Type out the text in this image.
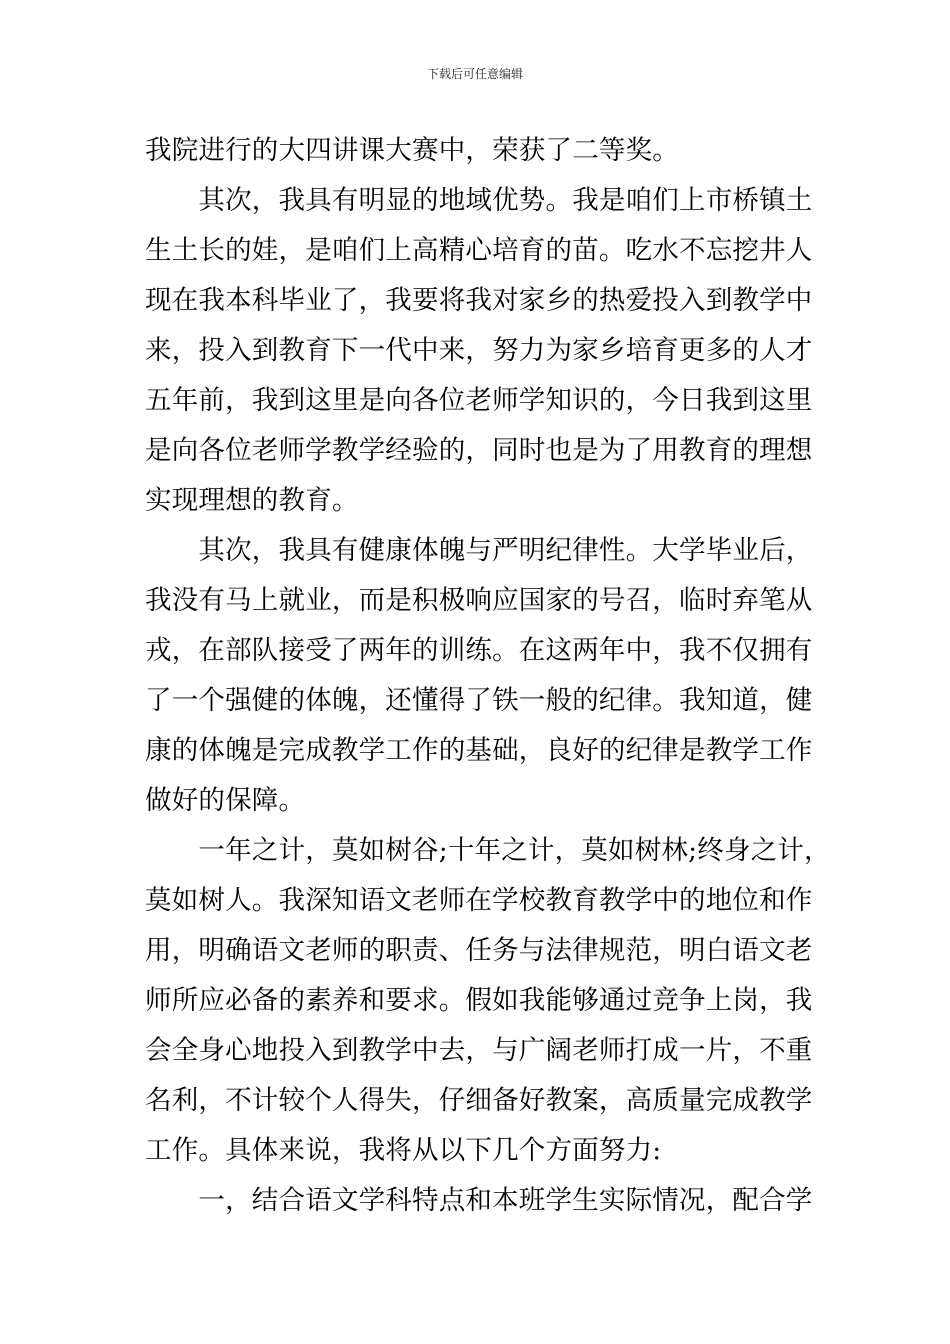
下载后可任意编辑
我院进行的大四讲课大赛中，荣获了二等奖。
　　其次，我具有明显的地域优势。我是咱们上市桥镇土
生土长的娃，是咱们上高精心培育的苗。吃水不忘挖井人
现在我本科毕业了，我要将我对家乡的热爱投入到教学中
来，投入到教育下一代中来，努力为家乡培育更多的人才
五年前，我到这里是向各位老师学知识的，今日我到这里
是向各位老师学教学经验的，同时也是为了用教育的理想
实现理想的教育。
　　其次，我具有健康体魄与严明纪律性。大学毕业后，
我没有马上就业，而是积极响应国家的号召，临时弃笔从
戎，在部队接受了两年的训练。在这两年中，我不仅拥有
了一个强健的体魄，还懂得了铁一般的纪律。我知道，健
康的体魄是完成教学工作的基础，良好的纪律是教学工作
做好的保障。
　　一年之计，莫如树谷;十年之计，莫如树林;终身之计，
莫如树人。我深知语文老师在学校教育教学中的地位和作
用，明确语文老师的职责、任务与法律规范，明白语文老
师所应必备的素养和要求。假如我能够通过竞争上岗，我
会全身心地投入到教学中去，与广阔老师打成一片，不重
名利，不计较个人得失，仔细备好教案，高质量完成教学
工作。具体来说，我将从以下几个方面努力:
　　一，结合语文学科特点和本班学生实际情况，配合学
